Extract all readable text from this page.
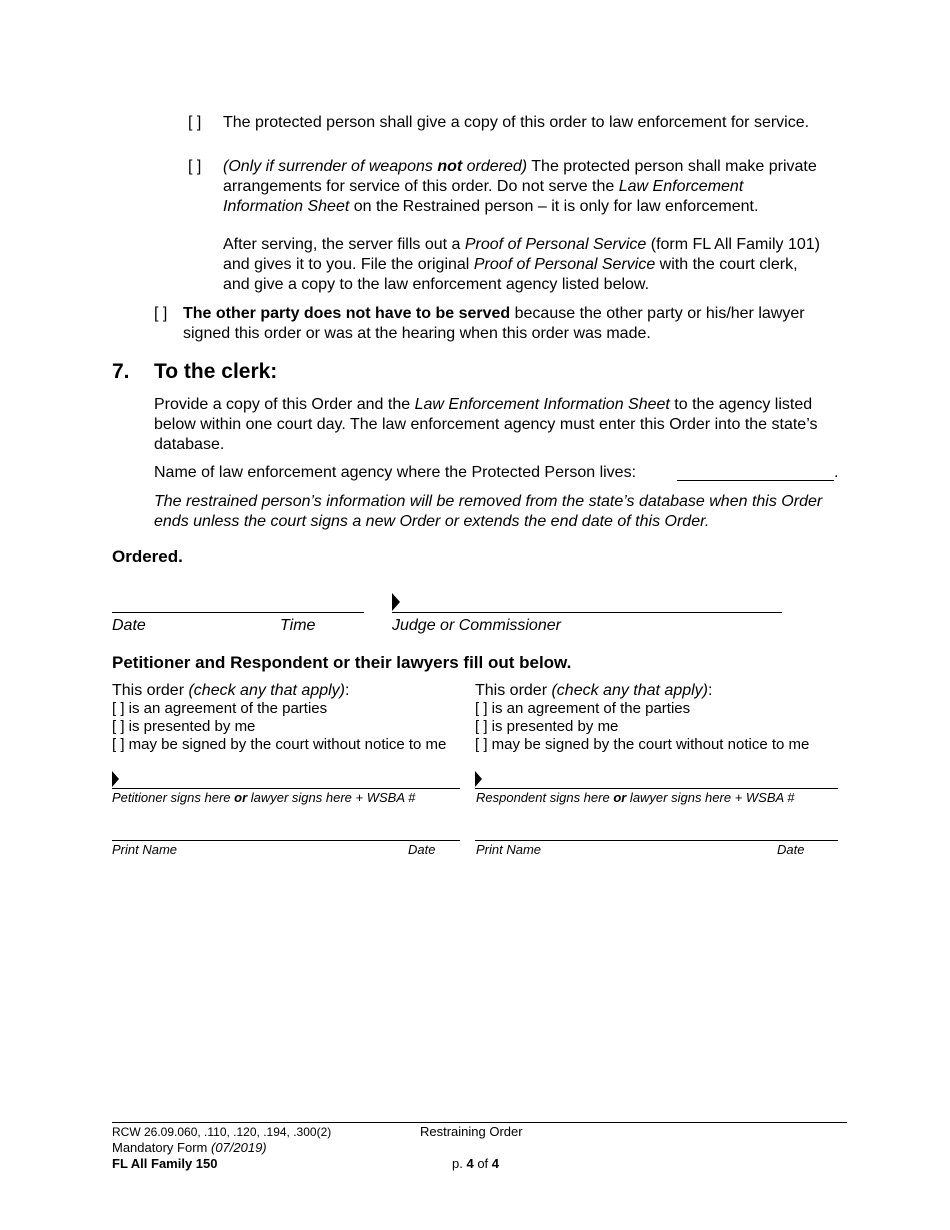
[ ] The protected person shall give a copy of this order to law enforcement for service.
[ ] (Only if surrender of weapons not ordered) The protected person shall make private arrangements for service of this order. Do not serve the Law Enforcement Information Sheet on the Restrained person – it is only for law enforcement.
After serving, the server fills out a Proof of Personal Service (form FL All Family 101) and gives it to you. File the original Proof of Personal Service with the court clerk, and give a copy to the law enforcement agency listed below.
[ ] The other party does not have to be served because the other party or his/her lawyer signed this order or was at the hearing when this order was made.
7. To the clerk:
Provide a copy of this Order and the Law Enforcement Information Sheet to the agency listed below within one court day. The law enforcement agency must enter this Order into the state’s database.
Name of law enforcement agency where the Protected Person lives:	.
The restrained person’s information will be removed from the state’s database when this Order ends unless the court signs a new Order or extends the end date of this Order.
Ordered.
Date	Time	Judge or Commissioner
Petitioner and Respondent or their lawyers fill out below.
This order (check any that apply):
[ ] is an agreement of the parties
[ ] is presented by me
[ ] may be signed by the court without notice to me
Petitioner signs here or lawyer signs here + WSBA #
Print Name	Date
This order (check any that apply):
[ ] is an agreement of the parties
[ ] is presented by me
[ ] may be signed by the court without notice to me
Respondent signs here or lawyer signs here + WSBA #
Print Name	Date
RCW 26.09.060, .110, .120, .194, .300(2)
Mandatory Form (07/2019)
FL All Family 150
Restraining Order
p. 4 of 4
